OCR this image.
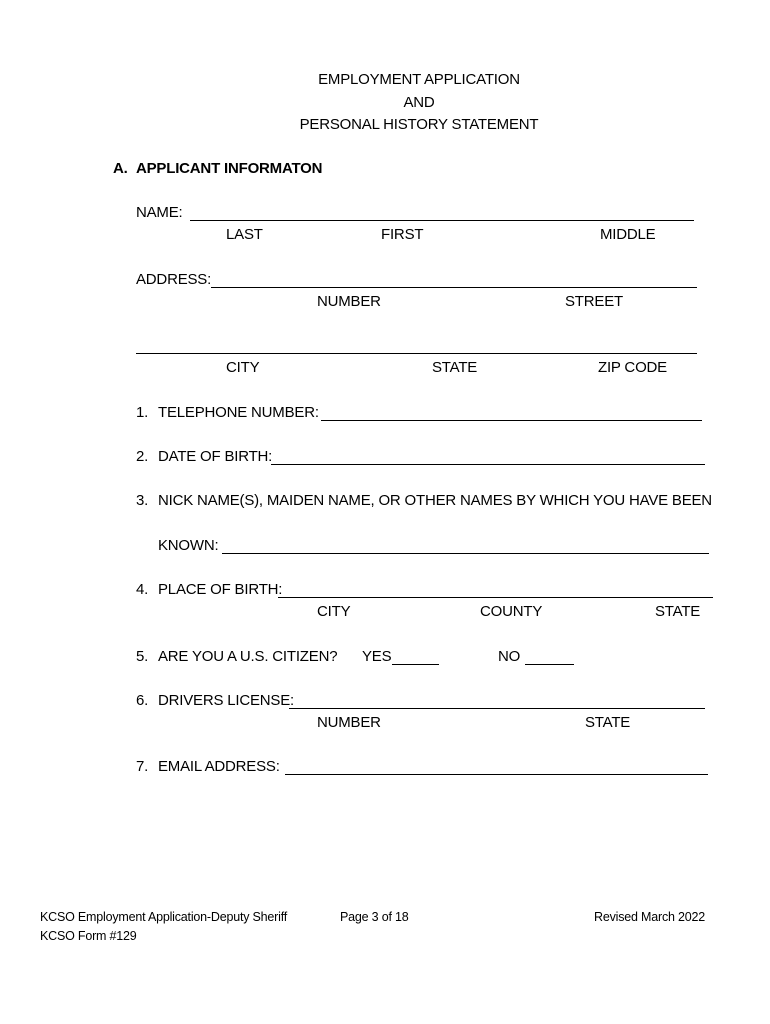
EMPLOYMENT APPLICATION
AND
PERSONAL HISTORY STATEMENT
A. APPLICANT INFORMATON
NAME:
LAST	FIRST	MIDDLE
ADDRESS:
NUMBER	STREET
CITY	STATE	ZIP CODE
1. TELEPHONE NUMBER:
2. DATE OF BIRTH:
3. NICK NAME(S), MAIDEN NAME, OR OTHER NAMES BY WHICH YOU HAVE BEEN
KNOWN:
4. PLACE OF BIRTH:
CITY	COUNTY	STATE
5. ARE YOU A U.S. CITIZEN? YES	NO
6. DRIVERS LICENSE:
NUMBER	STATE
7. EMAIL ADDRESS:
KCSO Employment Application-Deputy Sheriff
KCSO Form #129
Page 3 of 18	Revised March 2022
